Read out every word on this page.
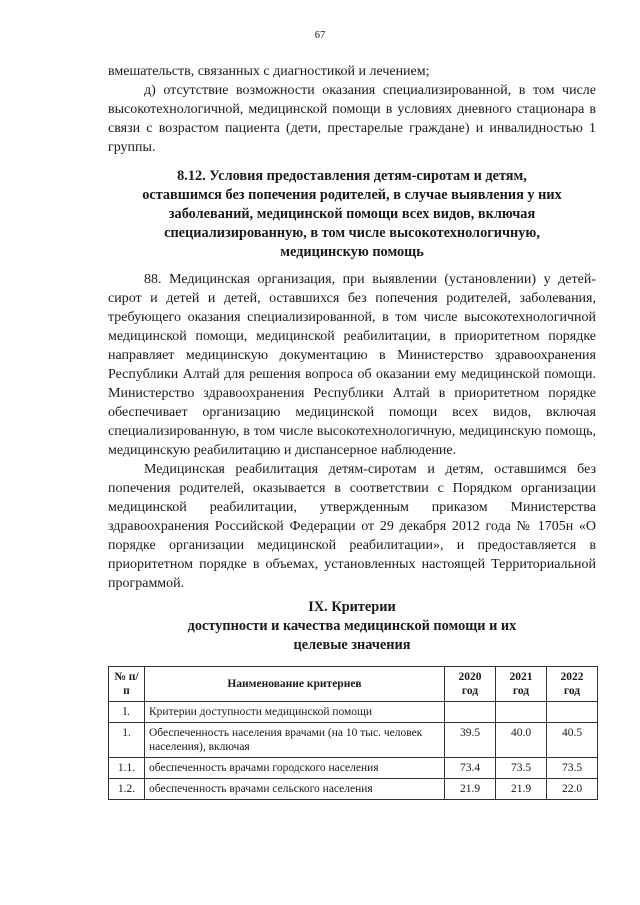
67
вмешательств, связанных с диагностикой и лечением;
д) отсутствие возможности оказания специализированной, в том числе высокотехнологичной, медицинской помощи в условиях дневного стационара в связи с возрастом пациента (дети, престарелые граждане) и инвалидностью 1 группы.
8.12. Условия предоставления детям-сиротам и детям,
оставшимся без попечения родителей, в случае выявления у них
заболеваний, медицинской помощи всех видов, включая
специализированную, в том числе высокотехнологичную,
медицинскую помощь
88. Медицинская организация, при выявлении (установлении) у детей-сирот и детей и детей, оставшихся без попечения родителей, заболевания, требующего оказания специализированной, в том числе высокотехнологичной медицинской помощи, медицинской реабилитации, в приоритетном порядке направляет медицинскую документацию в Министерство здравоохранения Республики Алтай для решения вопроса об оказании ему медицинской помощи. Министерство здравоохранения Республики Алтай в приоритетном порядке обеспечивает организацию медицинской помощи всех видов, включая специализированную, в том числе высокотехнологичную, медицинскую помощь, медицинскую реабилитацию и диспансерное наблюдение.
Медицинская реабилитация детям-сиротам и детям, оставшимся без попечения родителей, оказывается в соответствии с Порядком организации медицинской реабилитации, утвержденным приказом Министерства здравоохранения Российской Федерации от 29 декабря 2012 года № 1705н «О порядке организации медицинской реабилитации», и предоставляется в приоритетном порядке в объемах, установленных настоящей Территориальной программой.
IX. Критерии
доступности и качества медицинской помощи и их
целевые значения
№ п/п	Наименование критериев	2020 год	2021 год	2022 год
I.	Критерии доступности медицинской помощи			
1.	Обеспеченность населения врачами (на 10 тыс. человек населения), включая	39.5	40.0	40.5
1.1.	обеспеченность врачами городского населения	73.4	73.5	73.5
1.2.	обеспеченность врачами сельского населения	21.9	21.9	22.0
